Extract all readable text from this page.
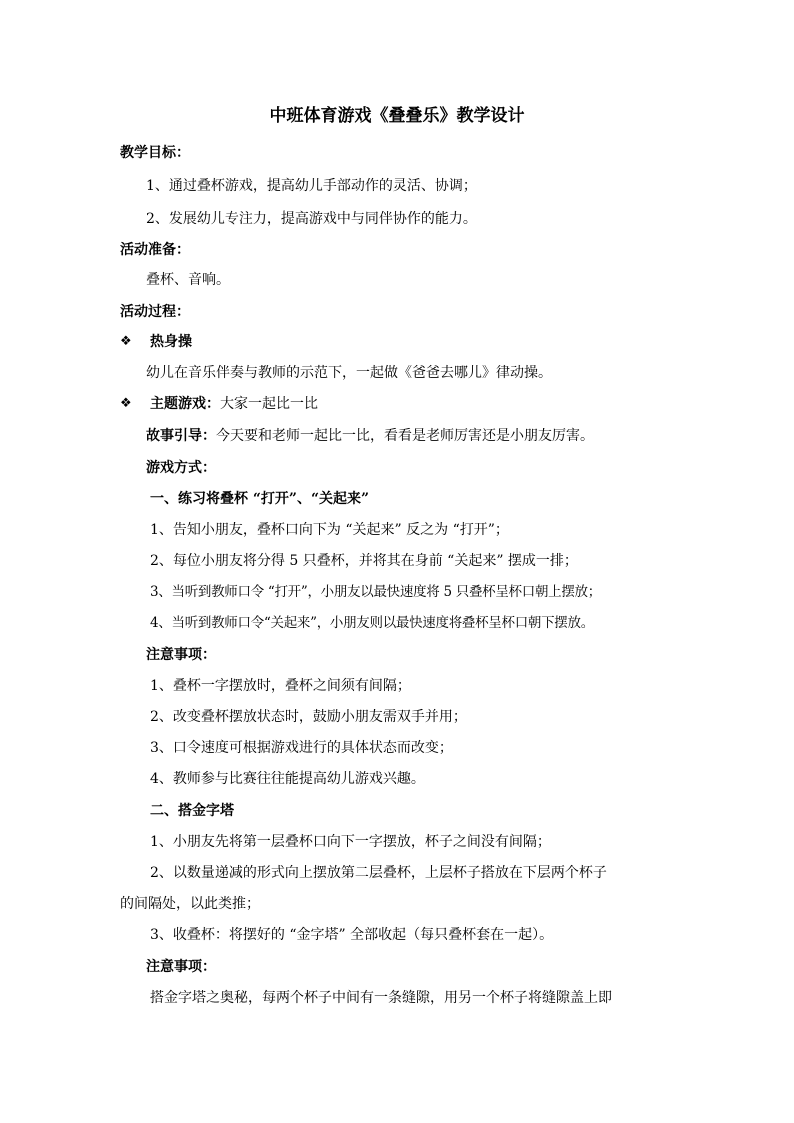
中班体育游戏《叠叠乐》教学设计
教学目标：
1、通过叠杯游戏，提高幼儿手部动作的灵活、协调；
2、发展幼儿专注力，提高游戏中与同伴协作的能力。
活动准备：
叠杯、音响。
活动过程：
❖ 热身操
幼儿在音乐伴奏与教师的示范下，一起做《爸爸去哪儿》律动操。
❖ 主题游戏：大家一起比一比
故事引导：今天要和老师一起比一比，看看是老师厉害还是小朋友厉害。
游戏方式：
一、练习将叠杯 “打开”、“关起来”
1、告知小朋友，叠杯口向下为 “关起来” 反之为 “打开”；
2、每位小朋友将分得 5 只叠杯，并将其在身前 “关起来” 摆成一排；
3、当听到教师口令 “打开”，小朋友以最快速度将 5 只叠杯呈杯口朝上摆放；
4、当听到教师口令“关起来”，小朋友则以最快速度将叠杯呈杯口朝下摆放。
注意事项：
1、叠杯一字摆放时，叠杯之间须有间隔；
2、改变叠杯摆放状态时，鼓励小朋友需双手并用；
3、口令速度可根据游戏进行的具体状态而改变；
4、教师参与比赛往往能提高幼儿游戏兴趣。
二、搭金字塔
1、小朋友先将第一层叠杯口向下一字摆放，杯子之间没有间隔；
2、以数量递减的形式向上摆放第二层叠杯，上层杯子搭放在下层两个杯子
的间隔处，以此类推；
3、收叠杯：将摆好的 “金字塔” 全部收起（每只叠杯套在一起）。
注意事项：
搭金字塔之奥秘，每两个杯子中间有一条缝隙，用另一个杯子将缝隙盖上即
